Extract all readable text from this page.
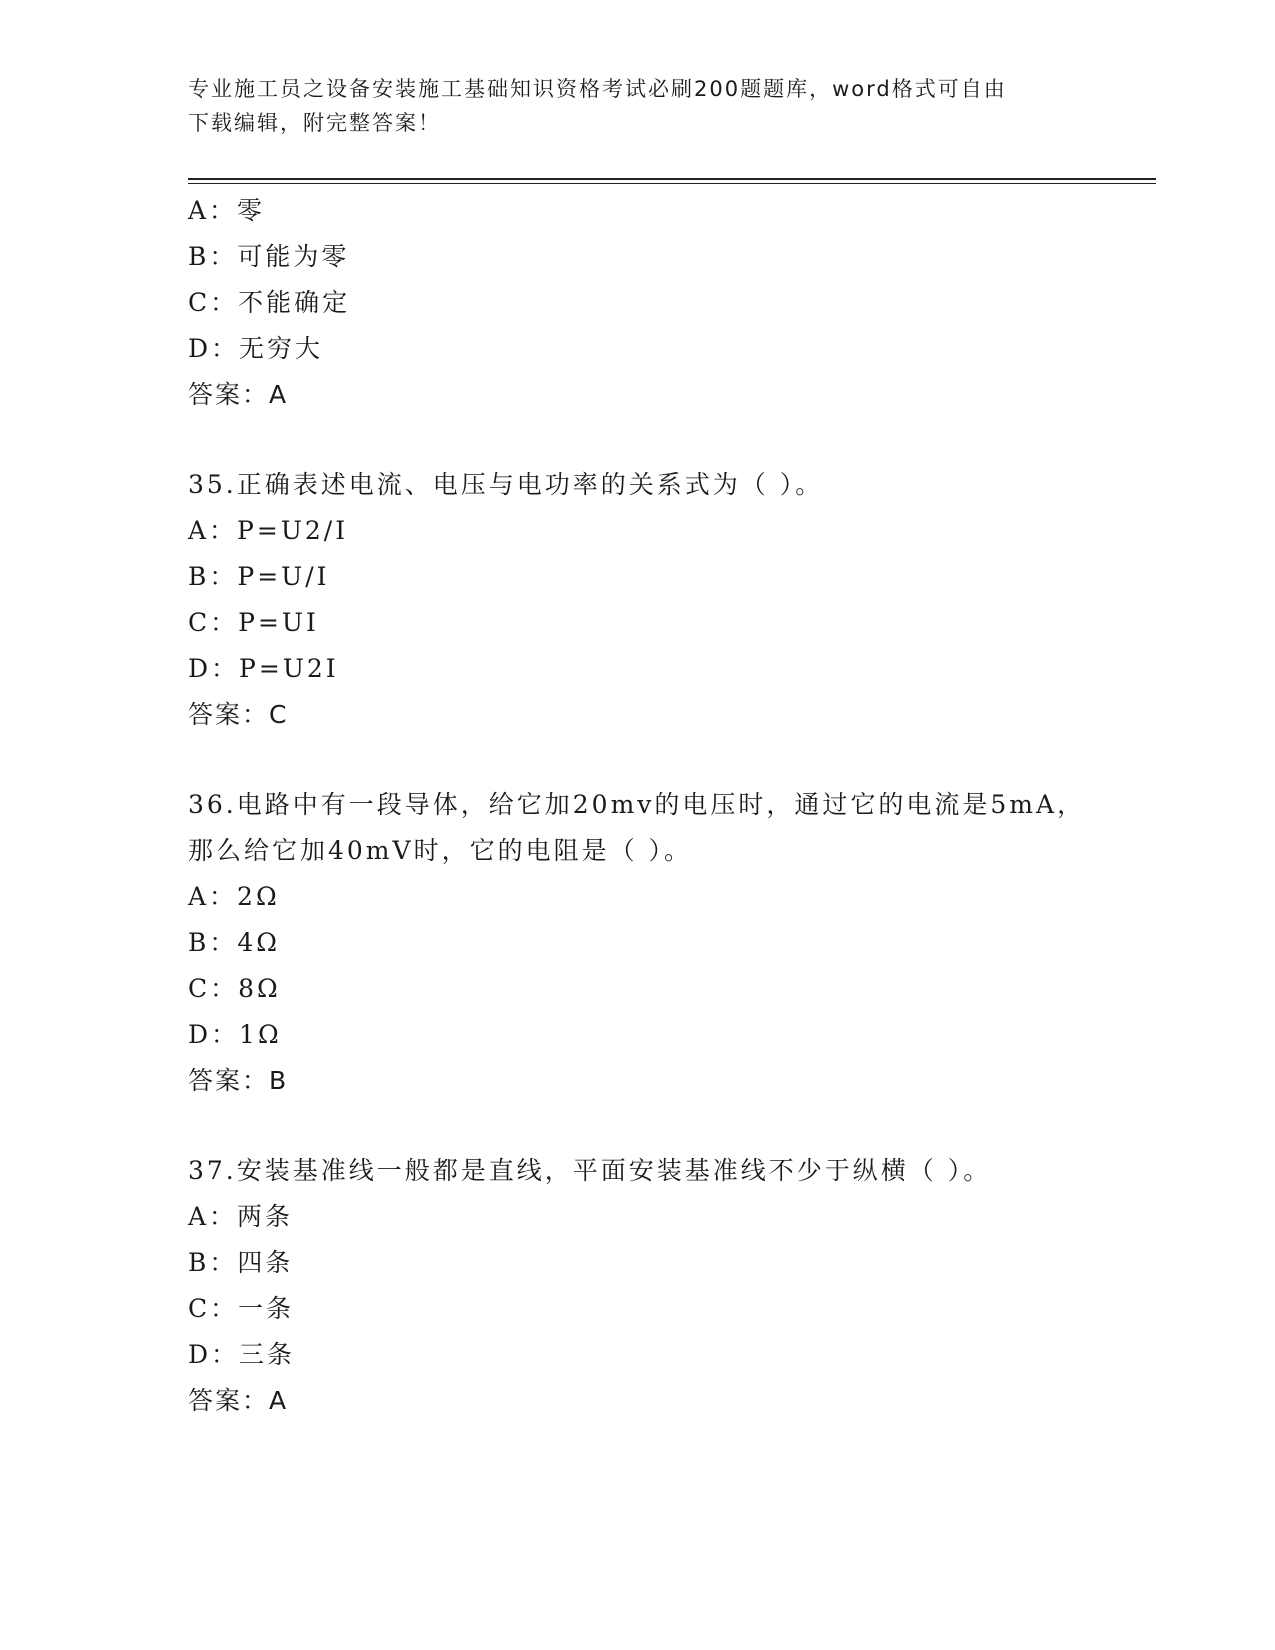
专业施工员之设备安装施工基础知识资格考试必刷200题题库，word格式可自由
下载编辑，附完整答案！
A：零
B：可能为零
C：不能确定
D：无穷大
答案：A
35.正确表述电流、电压与电功率的关系式为（ ）。
A：P=U2/I
B：P=U/I
C：P=UI
D：P=U2I
答案：C
36.电路中有一段导体，给它加20mv的电压时，通过它的电流是5mA，
那么给它加40mV时，它的电阻是（ ）。
A：2Ω
B：4Ω
C：8Ω
D：1Ω
答案：B
37.安装基准线一般都是直线，平面安装基准线不少于纵横（ ）。
A：两条
B：四条
C：一条
D：三条
答案：A
